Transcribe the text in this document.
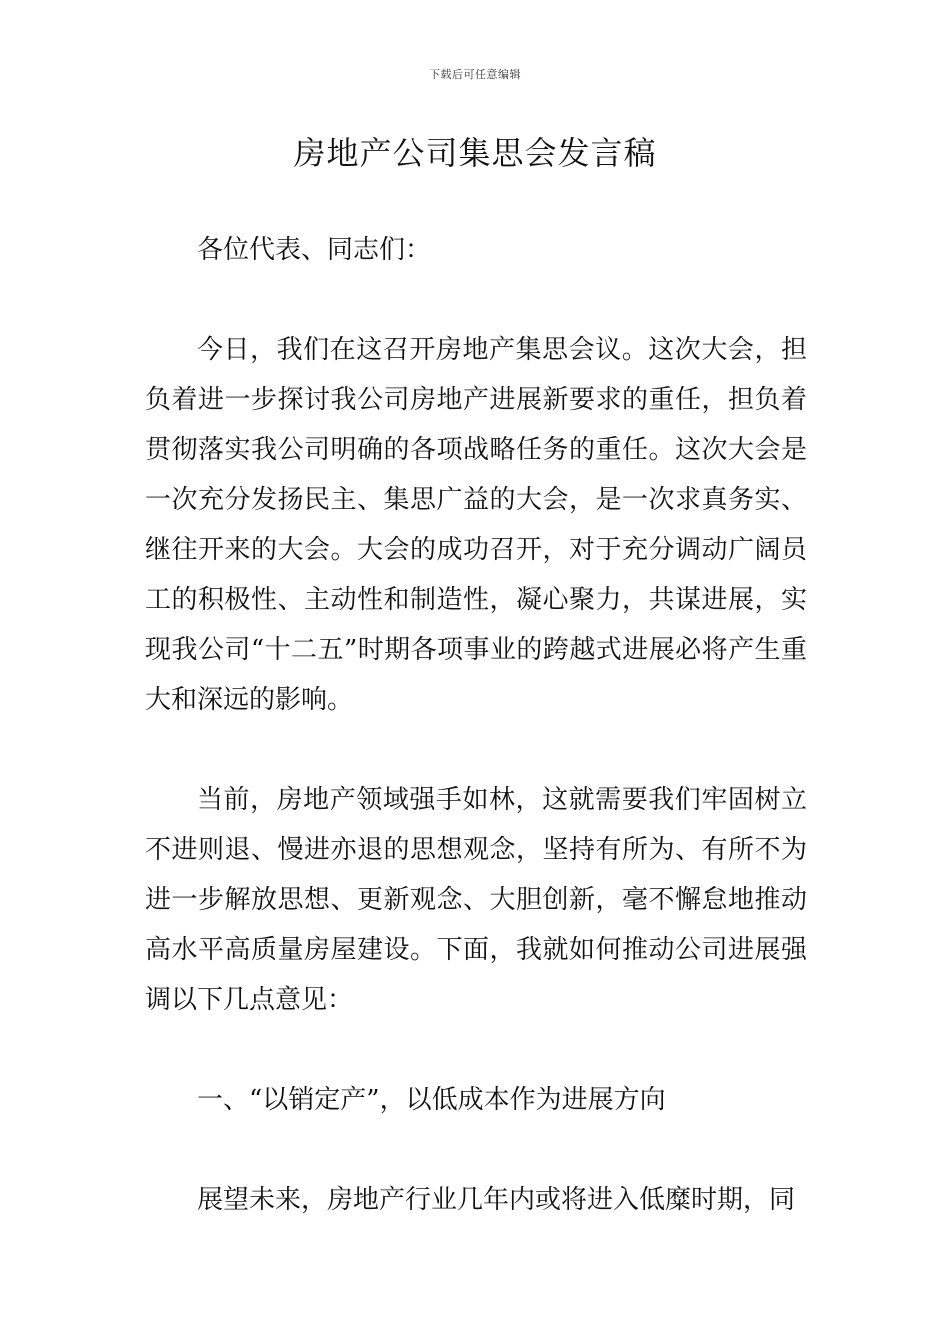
下载后可任意编辑
房地产公司集思会发言稿

各位代表、同志们：

今日，我们在这召开房地产集思会议。这次大会，担负着进一步探讨我公司房地产进展新要求的重任，担负着贯彻落实我公司明确的各项战略任务的重任。这次大会是一次充分发扬民主、集思广益的大会，是一次求真务实、继往开来的大会。大会的成功召开，对于充分调动广阔员工的积极性、主动性和制造性，凝心聚力，共谋进展，实现我公司“十二五”时期各项事业的跨越式进展必将产生重大和深远的影响。

当前，房地产领域强手如林，这就需要我们牢固树立不进则退、慢进亦退的思想观念，坚持有所为、有所不为进一步解放思想、更新观念、大胆创新，毫不懈怠地推动高水平高质量房屋建设。下面，我就如何推动公司进展强调以下几点意见：

一、“以销定产”，以低成本作为进展方向

展望未来，房地产行业几年内或将进入低糜时期，同
